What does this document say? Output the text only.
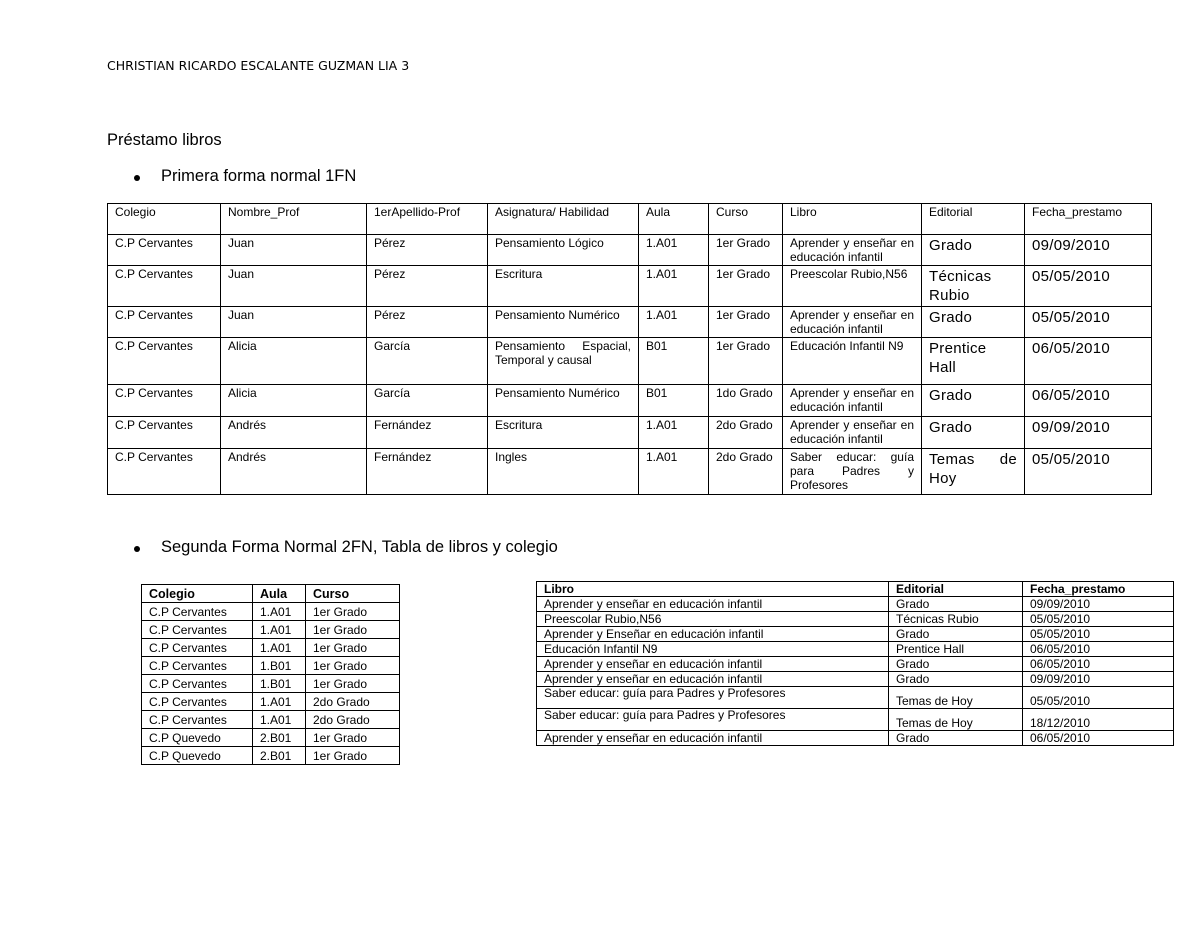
CHRISTIAN RICARDO ESCALANTE GUZMAN LIA 3
Préstamo libros
Primera forma normal 1FN
Colegio	Nombre_Prof	1erApellido-Prof	Asignatura/ Habilidad	Aula	Curso	Libro	Editorial	Fecha_prestamo
C.P Cervantes	Juan	Pérez	Pensamiento Lógico	1.A01	1er Grado	Aprender y enseñar en educación infantil	Grado	09/09/2010
C.P Cervantes	Juan	Pérez	Escritura	1.A01	1er Grado	Preescolar Rubio,N56	Técnicas Rubio	05/05/2010
C.P Cervantes	Juan	Pérez	Pensamiento Numérico	1.A01	1er Grado	Aprender y enseñar en educación infantil	Grado	05/05/2010
C.P Cervantes	Alicia	García	Pensamiento Espacial, Temporal y causal	B01	1er Grado	Educación Infantil N9	Prentice Hall	06/05/2010
C.P Cervantes	Alicia	García	Pensamiento Numérico	B01	1do Grado	Aprender y enseñar en educación infantil	Grado	06/05/2010
C.P Cervantes	Andrés	Fernández	Escritura	1.A01	2do Grado	Aprender y enseñar en educación infantil	Grado	09/09/2010
C.P Cervantes	Andrés	Fernández	Ingles	1.A01	2do Grado	Saber educar: guía para Padres y Profesores	Temas de Hoy	05/05/2010
Segunda Forma Normal 2FN, Tabla de libros y colegio
Colegio	Aula	Curso
C.P Cervantes	1.A01	1er Grado
C.P Cervantes	1.A01	1er Grado
C.P Cervantes	1.A01	1er Grado
C.P Cervantes	1.B01	1er Grado
C.P Cervantes	1.B01	1er Grado
C.P Cervantes	1.A01	2do Grado
C.P Cervantes	1.A01	2do Grado
C.P Quevedo	2.B01	1er Grado
C.P Quevedo	2.B01	1er Grado
Libro	Editorial	Fecha_prestamo
Aprender y enseñar en educación infantil	Grado	09/09/2010
Preescolar Rubio,N56	Técnicas Rubio	05/05/2010
Aprender y Enseñar en educación infantil	Grado	05/05/2010
Educación Infantil N9	Prentice Hall	06/05/2010
Aprender y enseñar en educación infantil	Grado	06/05/2010
Aprender y enseñar en educación infantil	Grado	09/09/2010
Saber educar: guía para Padres y Profesores	Temas de Hoy	05/05/2010
Saber educar: guía para Padres y Profesores	Temas de Hoy	18/12/2010
Aprender y enseñar en educación infantil	Grado	06/05/2010
